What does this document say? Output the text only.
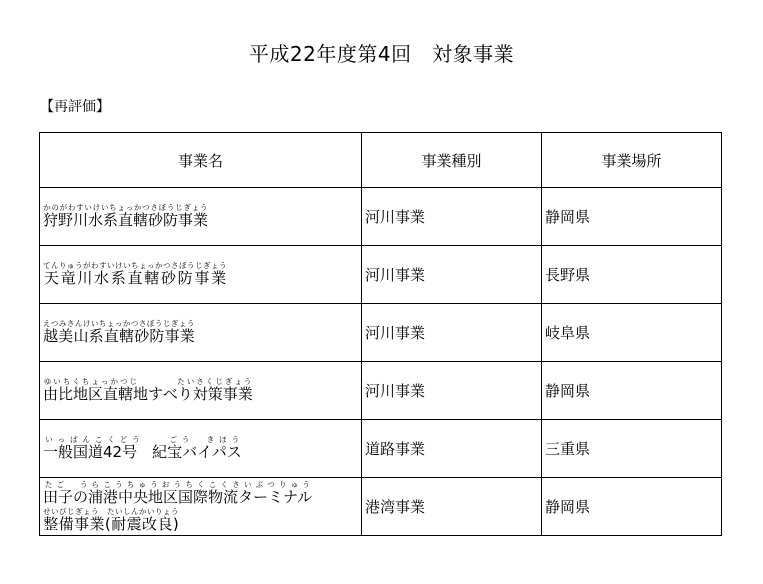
平成22年度第4回　対象事業
【再評価】
事業名	事業種別	事業場所

狩野川水系直轄砂防事業かのがわすいけいちょっかつさぼうじぎょう	河川事業	静岡県

天竜川水系直轄砂防事業てんりゅうがわすいけいちょっかつさぼうじぎょう	河川事業	長野県

越美山系直轄砂防事業えつみさんけいちょっかつさぼうじぎょう	河川事業	岐阜県

由比地区直轄地すべり対策事業ゆいちくちょっかつじ　　　　たいさくじぎょう	河川事業	静岡県

一般国道42号　紀宝バイパスいっぱんこくどう　　ごう　きほう	道路事業	三重県

田子の浦港中央地区国際物流ターミナルたご　うらこうちゅうおうちくこくさいぶつりゅう
整備事業(耐震改良)せいびじぎょう　たいしんかいりょう	港湾事業	静岡県
